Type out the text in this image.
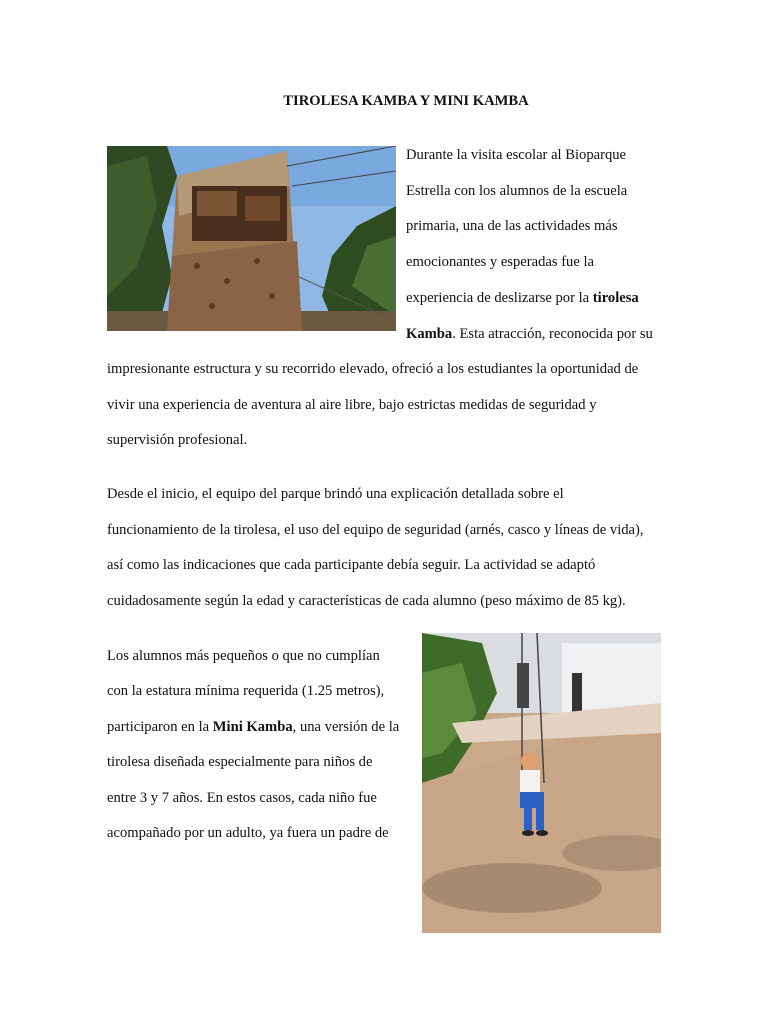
TIROLESA KAMBA Y MINI KAMBA
Durante la visita escolar al Bioparque
Estrella con los alumnos de la escuela
primaria, una de las actividades más
emocionantes y esperadas fue la
experiencia de deslizarse por la tirolesa
Kamba. Esta atracción, reconocida por su
impresionante estructura y su recorrido elevado, ofreció a los estudiantes la oportunidad de
vivir una experiencia de aventura al aire libre, bajo estrictas medidas de seguridad y
supervisión profesional.
Desde el inicio, el equipo del parque brindó una explicación detallada sobre el
funcionamiento de la tirolesa, el uso del equipo de seguridad (arnés, casco y líneas de vida),
así como las indicaciones que cada participante debía seguir. La actividad se adaptó
cuidadosamente según la edad y características de cada alumno (peso máximo de 85 kg).
Los alumnos más pequeños o que no cumplían
con la estatura mínima requerida (1.25 metros),
participaron en la Mini Kamba, una versión de la
tirolesa diseñada especialmente para niños de
entre 3 y 7 años. En estos casos, cada niño fue
acompañado por un adulto, ya fuera un padre de
